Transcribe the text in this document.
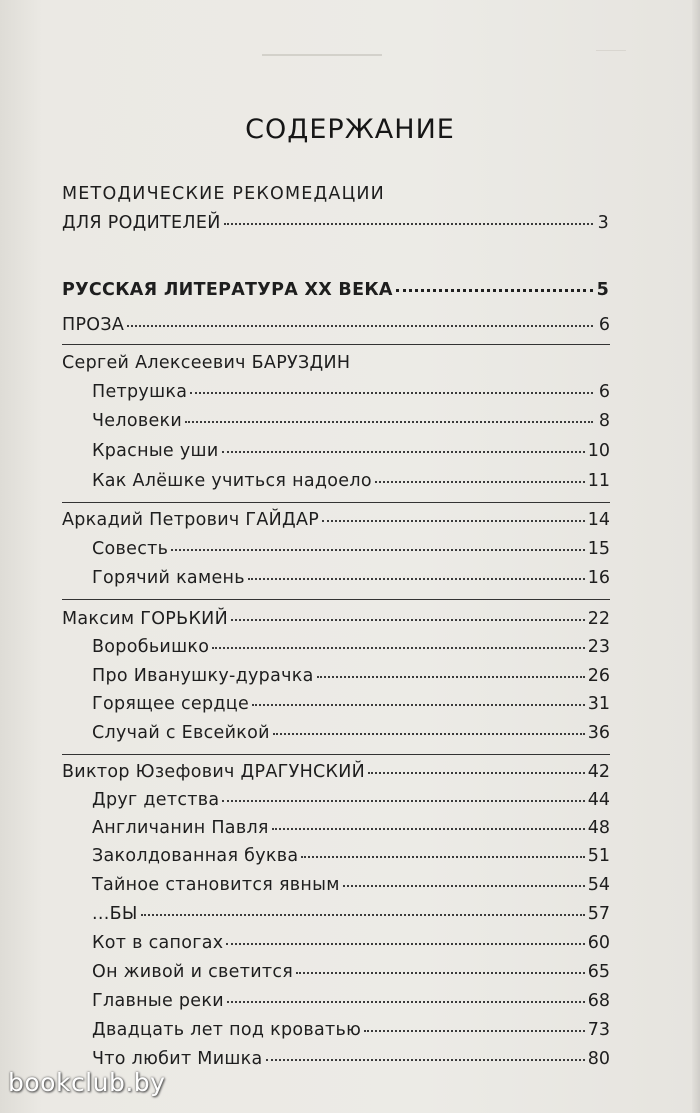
СОДЕРЖАНИЕ
МЕТОДИЧЕСКИЕ РЕКОМЕДАЦИИ
ДЛЯ РОДИТЕЛЕЙ	3
РУССКАЯ ЛИТЕРАТУРА XX ВЕКА	5
ПРОЗА	6
Сергей Алексеевич БАРУЗДИН
Петрушка	6
Человеки	8
Красные уши	10
Как Алёшке учиться надоело	11
Аркадий Петрович ГАЙДАР	14
Совесть	15
Горячий камень	16
Максим ГОРЬКИЙ	22
Воробьишко	23
Про Иванушку-дурачка	26
Горящее сердце	31
Случай с Евсейкой	36
Виктор Юзефович ДРАГУНСКИЙ	42
Друг детства	44
Англичанин Павля	48
Заколдованная буква	51
Тайное становится явным	54
...БЫ	57
Кот в сапогах	60
Он живой и светится	65
Главные реки	68
Двадцать лет под кроватью	73
Что любит Мишка	80
bookclub.by
